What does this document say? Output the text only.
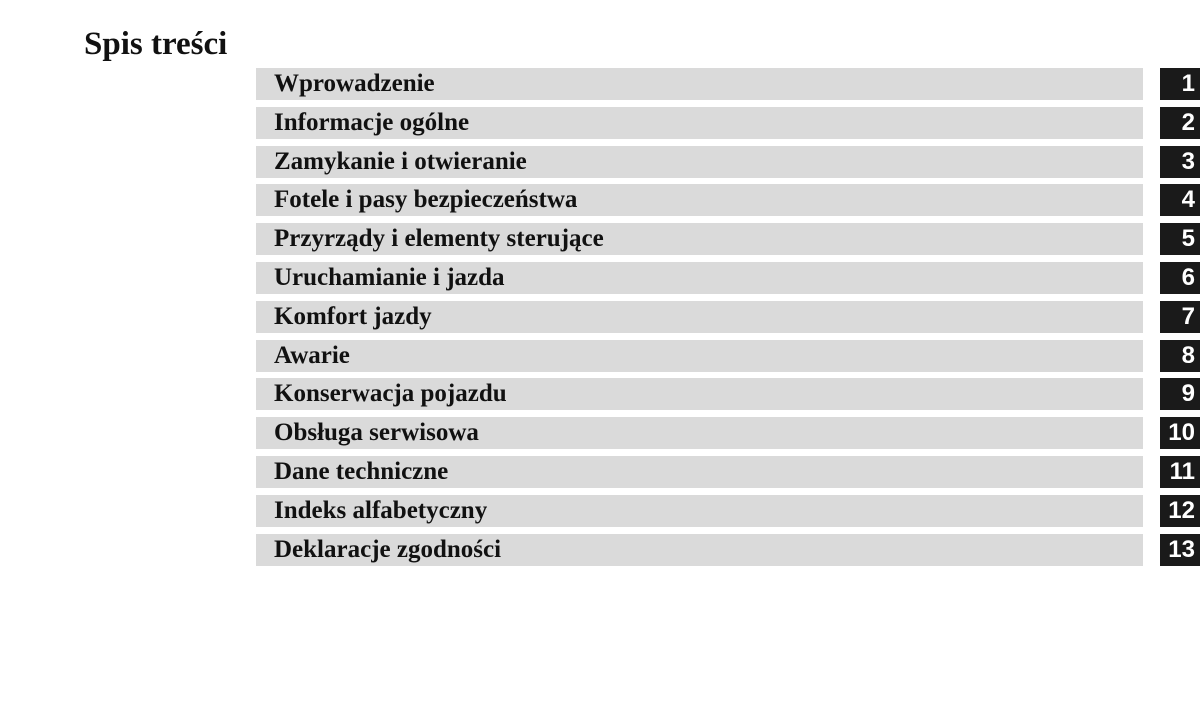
Spis treści
Wprowadzenie	1
Informacje ogólne	2
Zamykanie i otwieranie	3
Fotele i pasy bezpieczeństwa	4
Przyrządy i elementy sterujące	5
Uruchamianie i jazda	6
Komfort jazdy	7
Awarie	8
Konserwacja pojazdu	9
Obsługa serwisowa	10
Dane techniczne	11
Indeks alfabetyczny	12
Deklaracje zgodności	13
